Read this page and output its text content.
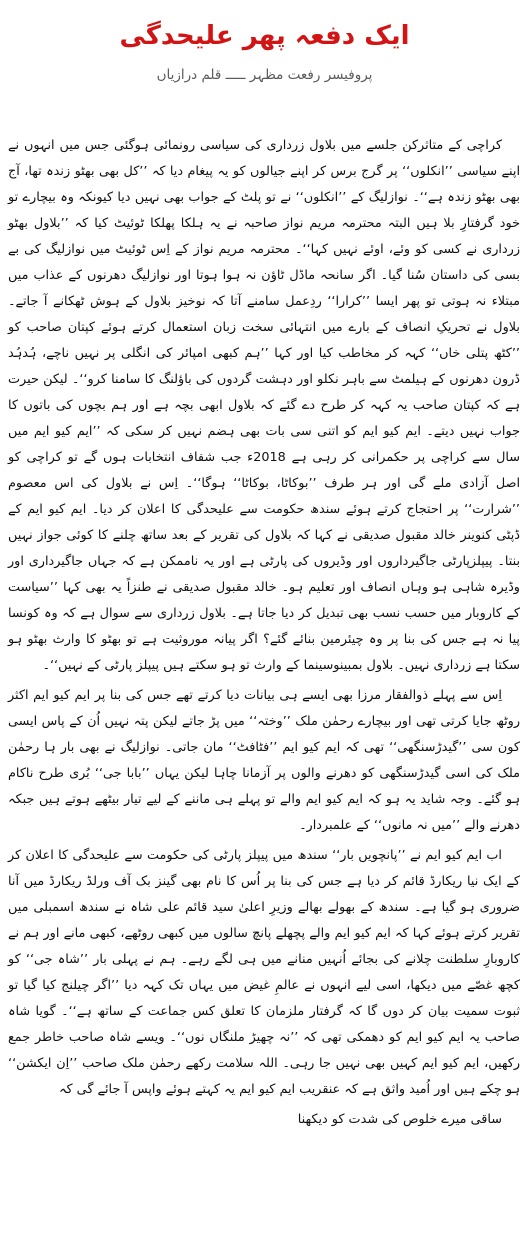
ایک دفعہ پھر علیحدگی
پروفیسر رفعت مظہر ـــــ قلم درازیاں

کراچی کے متاثرکن جلسے میں بلاول زرداری کی سیاسی رونمائی ہوگئی جس میں انہوں نے اپنے سیاسی ’’انکلوں‘‘ پر گرج برس کر اپنے جیالوں کو یہ پیغام دیا کہ ’’کل بھی بھٹو زندہ تھا، آج بھی بھٹو زندہ ہے‘‘۔ نوازلیگ کے ’’انکلوں‘‘ نے تو پلٹ کے جواب بھی نہیں دیا کیونکہ وہ بیچارے تو خود گرفتارِ بلا ہیں البتہ محترمہ مریم نواز صاحبہ نے یہ ہلکا پھلکا ٹوئیٹ کیا کہ ’’بلاول بھٹو زرداری نے کسی کو وئے، اوئے نہیں کہا‘‘۔ محترمہ مریم نواز کے اِس ٹوئیٹ میں نوازلیگ کی بے بسی کی داستان سُنا گیا۔ اگر سانحہ ماڈل ٹاؤن نہ ہوا ہوتا اور نوازلیگ دھرنوں کے عذاب میں مبتلاء نہ ہوتی تو پھر ایسا ’’کرارا‘‘ ردِعمل سامنے آتا کہ نوخیز بلاول کے ہوش ٹھکانے آ جاتے۔ بلاول نے تحریکِ انصاف کے بارے میں انتہائی سخت زبان استعمال کرتے ہوئے کپتان صاحب کو ’’کٹھ پتلی خاں‘‘ کہہ کر مخاطب کیا اور کہا ’’ہم کبھی امپائر کی انگلی پر نہیں ناچے، ہُدہُد ڈرون دھرنوں کے ہیلمٹ سے باہر نکلو اور دہشت گردوں کی باؤلنگ کا سامنا کرو‘‘۔ لیکن حیرت ہے کہ کپتان صاحب یہ کہہ کر طرح دے گئے کہ بلاول ابھی بچہ ہے اور ہم بچوں کی باتوں کا جواب نہیں دیتے۔ ایم کیو ایم کو اتنی سی بات بھی ہضم نہیں کر سکی کہ ’’ایم کیو ایم میں سال سے کراچی پر حکمرانی کر رہی ہے 2018ء جب شفاف انتخابات ہوں گے تو کراچی کو اصل آزادی ملے گی اور ہر طرف ’’بوکاٹا، بوکاٹا‘‘ ہوگا‘‘۔ اِس نے بلاول کی اس معصوم ’’شرارت‘‘ پر احتجاج کرتے ہوئے سندھ حکومت سے علیحدگی کا اعلان کر دیا۔ ایم کیو ایم کے ڈپٹی کنوینر خالد مقبول صدیقی نے کہا کہ بلاول کی تقریر کے بعد ساتھ چلنے کا کوئی جواز نہیں بنتا۔ پیپلزپارٹی جاگیرداروں اور وڈیروں کی پارٹی ہے اور یہ ناممکن ہے کہ جہاں جاگیرداری اور وڈیرہ شاہی ہو وہاں انصاف اور تعلیم ہو۔ خالد مقبول صدیقی نے طنزاً یہ بھی کہا ’’سیاست کے کاروبار میں حسب نسب بھی تبدیل کر دیا جاتا ہے۔ بلاول زرداری سے سوال ہے کہ وہ کونسا پیا نہ ہے جس کی بنا پر وہ چیئرمین بنائے گئے؟ اگر پیانہ موروثیت ہے تو بھٹو کا وارث بھٹو ہو سکتا ہے زرداری نہیں۔ بلاول بمبینوسینما کے وارث تو ہو سکتے ہیں پیپلز پارٹی کے نہیں‘‘۔

اِس سے پہلے ذوالفقار مرزا بھی ایسے ہی بیانات دیا کرتے تھے جس کی بنا پر ایم کیو ایم اکثر روٹھ جایا کرتی تھی اور بیچارے رحمٰن ملک ’’وختہ‘‘ میں پڑ جاتے لیکن پتہ نہیں اُن کے پاس ایسی کون سی ’’گیدڑسنگھی‘‘ تھی کہ ایم کیو ایم ’’فٹافٹ‘‘ مان جاتی۔ نوازلیگ نے بھی بار ہا رحمٰن ملک کی اسی گیدڑسنگھی کو دھرنے والوں پر آزمانا چاہا لیکن یہاں ’’بابا جی‘‘ بُری طرح ناکام ہو گئے۔ وجہ شاید یہ ہو کہ ایم کیو ایم والے تو پہلے ہی ماننے کے لیے تیار بیٹھے ہوتے ہیں جبکہ دھرنے والے ’’میں نہ مانوں‘‘ کے علمبردار۔

اب ایم کیو ایم نے ’’پانچویں بار‘‘ سندھ میں پیپلز پارٹی کی حکومت سے علیحدگی کا اعلان کر کے ایک نیا ریکارڈ قائم کر دیا ہے جس کی بنا پر اُس کا نام بھی گینز بک آف ورلڈ ریکارڈ میں آنا ضروری ہو گیا ہے۔ سندھ کے بھولے بھالے وزیرِ اعلیٰ سید قائم علی شاہ نے سندھ اسمبلی میں تقریر کرتے ہوئے کہا کہ ایم کیو ایم والے پچھلے پانچ سالوں میں کبھی روٹھے، کبھی مانے اور ہم نے کاروبارِ سلطنت چلانے کی بجائے اُنہیں منانے میں ہی لگے رہے۔ ہم نے پہلی بار ’’شاہ جی‘‘ کو کچھ غصّے میں دیکھا، اسی لیے انہوں نے عالمِ غیض میں یہاں تک کہہ دیا ’’اگر چیلنج کیا گیا تو ثبوت سمیت بیان کر دوں گا کہ گرفتار ملزمان کا تعلق کس جماعت کے ساتھ ہے‘‘۔ گویا شاہ صاحب یہ ایم کیو ایم کو دھمکی تھی کہ ’’نہ چھیڑ ملنگاں نوں‘‘۔ ویسے شاہ صاحب خاطر جمع رکھیں، ایم کیو ایم کہیں بھی نہیں جا رہی۔ اللہ سلامت رکھے رحمٰن ملک صاحب ’’اِن ایکشن‘‘ ہو چکے ہیں اور اُمید واثق ہے کہ عنقریب ایم کیو ایم یہ کہتے ہوئے واپس آ جائے گی کہ

ساقی میرے خلوص کی شدت کو دیکھنا
